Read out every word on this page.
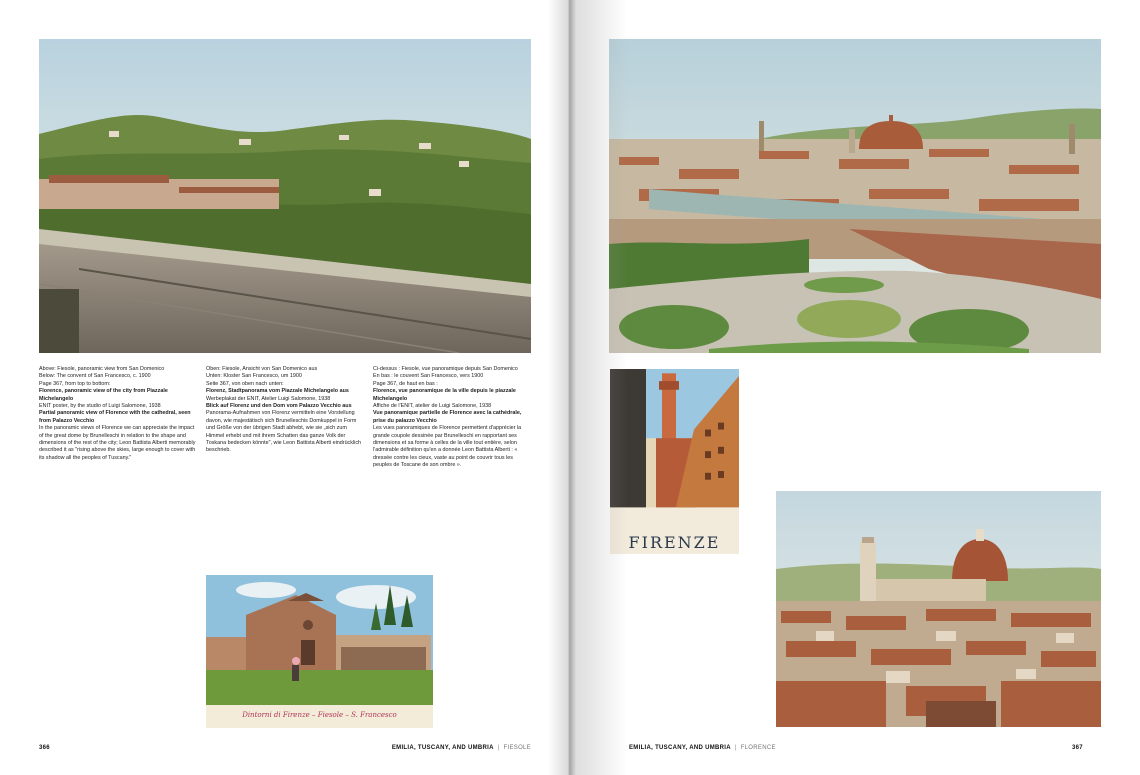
Above: Fiesole, panoramic view from San Domenico

Below: The convent of San Francesco, c. 1900

Page 367, from top to bottom:

Florence, panoramic view of the city from Piazzale Michelangelo

ENIT poster, by the studio of Luigi Salomone, 1938

Partial panoramic view of Florence with the cathedral, seen from Palazzo Vecchio

In the panoramic views of Florence we can appreciate the impact of the great dome by Brunelleschi in relation to the shape and dimensions of the rest of the city; Leon Battista Alberti memorably described it as "rising above the skies, large enough to cover with its shadow all the peoples of Tuscany."

Oben: Fiesole, Ansicht von San Domenico aus

Unten: Kloster San Francesco, um 1900

Seite 367, von oben nach unten:

Florenz, Stadtpanorama vom Piazzale Michelangelo aus

Werbeplakat der ENIT, Atelier Luigi Salomone, 1938

Blick auf Florenz und den Dom vom Palazzo Vecchio aus

Panorama-Aufnahmen von Florenz vermitteln eine Vorstellung davon, wie majestätisch sich Brunelleschis Domkuppel in Form und Größe von der übrigen Stadt abhebt, wie sie „sich zum Himmel erhebt und mit ihrem Schatten das ganze Volk der Toskana bedecken könnte", wie Leon Battista Alberti eindrücklich beschrieb.

Ci-dessus : Fiesole, vue panoramique depuis San Domenico

En bas : le couvent San Francesco, vers 1900

Page 367, de haut en bas :

Florence, vue panoramique de la ville depuis le piazzale Michelangelo

Affiche de l'ENIT, atelier de Luigi Salomone, 1938

Vue panoramique partielle de Florence avec la cathédrale, prise du palazzo Vecchio

Les vues panoramiques de Florence permettent d'apprécier la grande coupole dessinée par Brunelleschi en rapportant ses dimensions et sa forme à celles de la ville tout entière, selon l'admirable définition qu'en a donnée Leon Battista Alberti : « dressée contre les cieux, vaste au point de couvrir tous les peuples de Toscane de son ombre ».

Dintorni di Firenze – Fiesole – S. Francesco
366	EMILIA, TUSCANY, AND UMBRIA | FIESOLE
FIRENZE
EMILIA, TUSCANY, AND UMBRIA | FLORENCE	367
